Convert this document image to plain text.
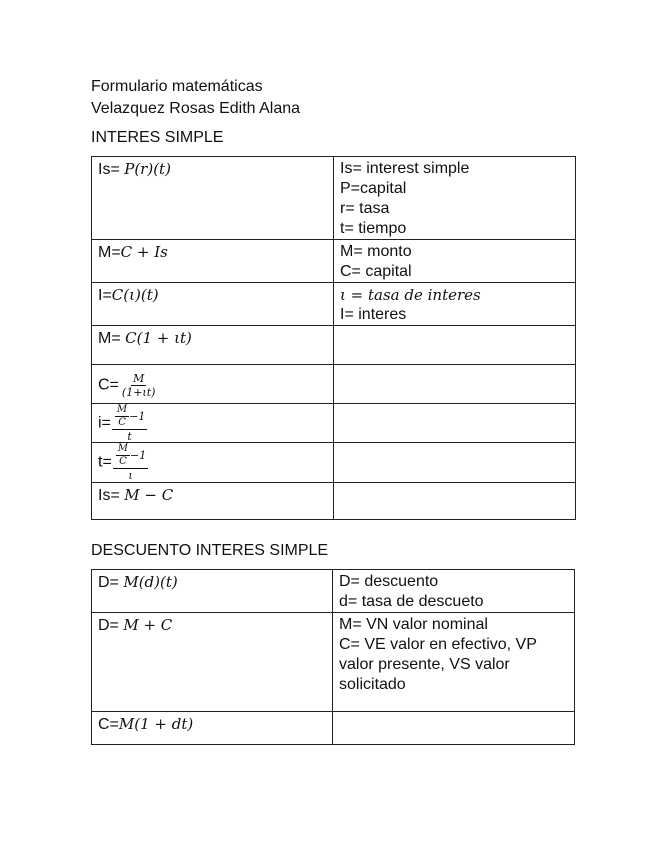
Formulario matemáticas
Velazquez Rosas Edith Alana
INTERES SIMPLE
Is= P(r)(t)	Is= interest simple
P=capital
r= tasa
t= tiempo

M=C + Is	M= monto
C= capital

I=C(ι)(t)	ι = tasa de interes
I= interes

M= C(1 + ιt)	
$C= \frac{M}{(1+\iota t)}$

$i= \frac{\frac{M}{C} -1}{t}$

$t= \frac{\frac{M}{C} -1}{\iota}$

Is= M − C	
DESCUENTO INTERES SIMPLE
D= M(d)(t)	D= descuento
d= tasa de descueto

D= M + C	M= VN valor nominal
C= VE valor en efectivo, VP
valor presente, VS valor
solicitado

C=M(1 + dt)	
